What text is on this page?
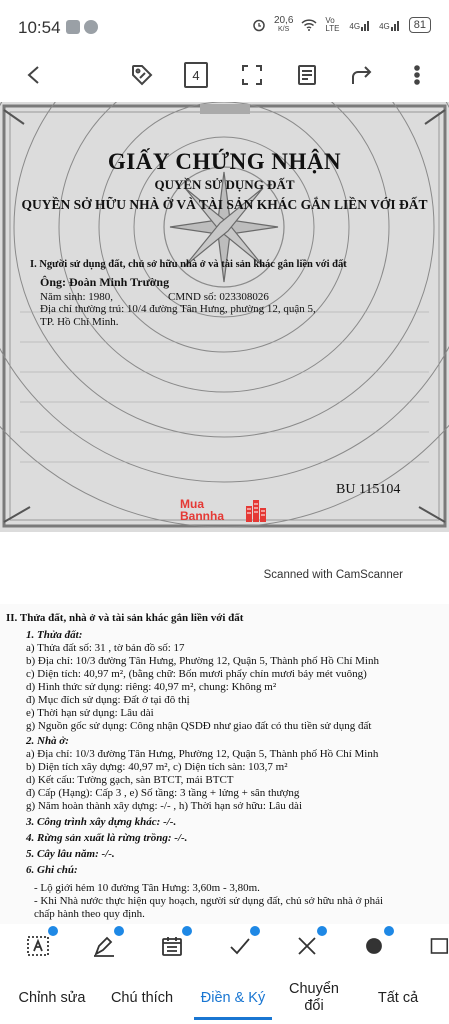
10:54	20,6
K/S
Vo LTE 4G 4G	81
4
GIẤY CHỨNG NHẬN
QUYỀN SỬ DỤNG ĐẤT
QUYỀN SỞ HỮU NHÀ Ở VÀ TÀI SẢN KHÁC GẮN LIỀN VỚI ĐẤT
I. Người sử dụng đất, chủ sở hữu nhà ở và tài sản khác gắn liền với đất
Ông: Đoàn Minh Trường
Năm sinh: 1980,	CMND số: 023308026
Địa chỉ thường trú: 10/4 đường Tân Hưng, phường 12, quận 5,
TP. Hồ Chí Minh.
BU 115104
Mua
Bannha
Scanned with CamScanner
II. Thửa đất, nhà ở và tài sản khác gắn liền với đất
1. Thửa đất:
a) Thửa đất số: 31 , tờ bản đồ số: 17
b) Địa chỉ: 10/3 đường Tân Hưng, Phường 12, Quận 5, Thành phố Hồ Chí Minh
c) Diện tích: 40,97 m², (bằng chữ: Bốn mươi phẩy chín mươi bảy mét vuông)
d) Hình thức sử dụng: riêng: 40,97 m², chung: Không m²
đ) Mục đích sử dụng: Đất ở tại đô thị
e) Thời hạn sử dụng: Lâu dài
g) Nguồn gốc sử dụng: Công nhận QSDĐ như giao đất có thu tiền sử dụng đất
2. Nhà ở:
a) Địa chỉ: 10/3 đường Tân Hưng, Phường 12, Quận 5, Thành phố Hồ Chí Minh
b) Diện tích xây dựng: 40,97 m², c) Diện tích sàn: 103,7 m²
d) Kết cấu: Tường gạch, sàn BTCT, mái BTCT
đ) Cấp (Hạng): Cấp 3 , e) Số tầng: 3 tầng + lửng + sân thượng
g) Năm hoàn thành xây dựng: -/- , h) Thời hạn sở hữu: Lâu dài
3. Công trình xây dựng khác: -/-.
4. Rừng sản xuất là rừng trồng: -/-.
5. Cây lâu năm: -/-.
6. Ghi chú:
- Lộ giới hẻm 10 đường Tân Hưng: 3,60m - 3,80m.
- Khi Nhà nước thực hiện quy hoạch, người sử dụng đất, chủ sở hữu nhà ở phải
chấp hành theo quy định.
Chỉnh sửa	Chú thích	Điền & Ký
Chuyển đổi
Tất cả
